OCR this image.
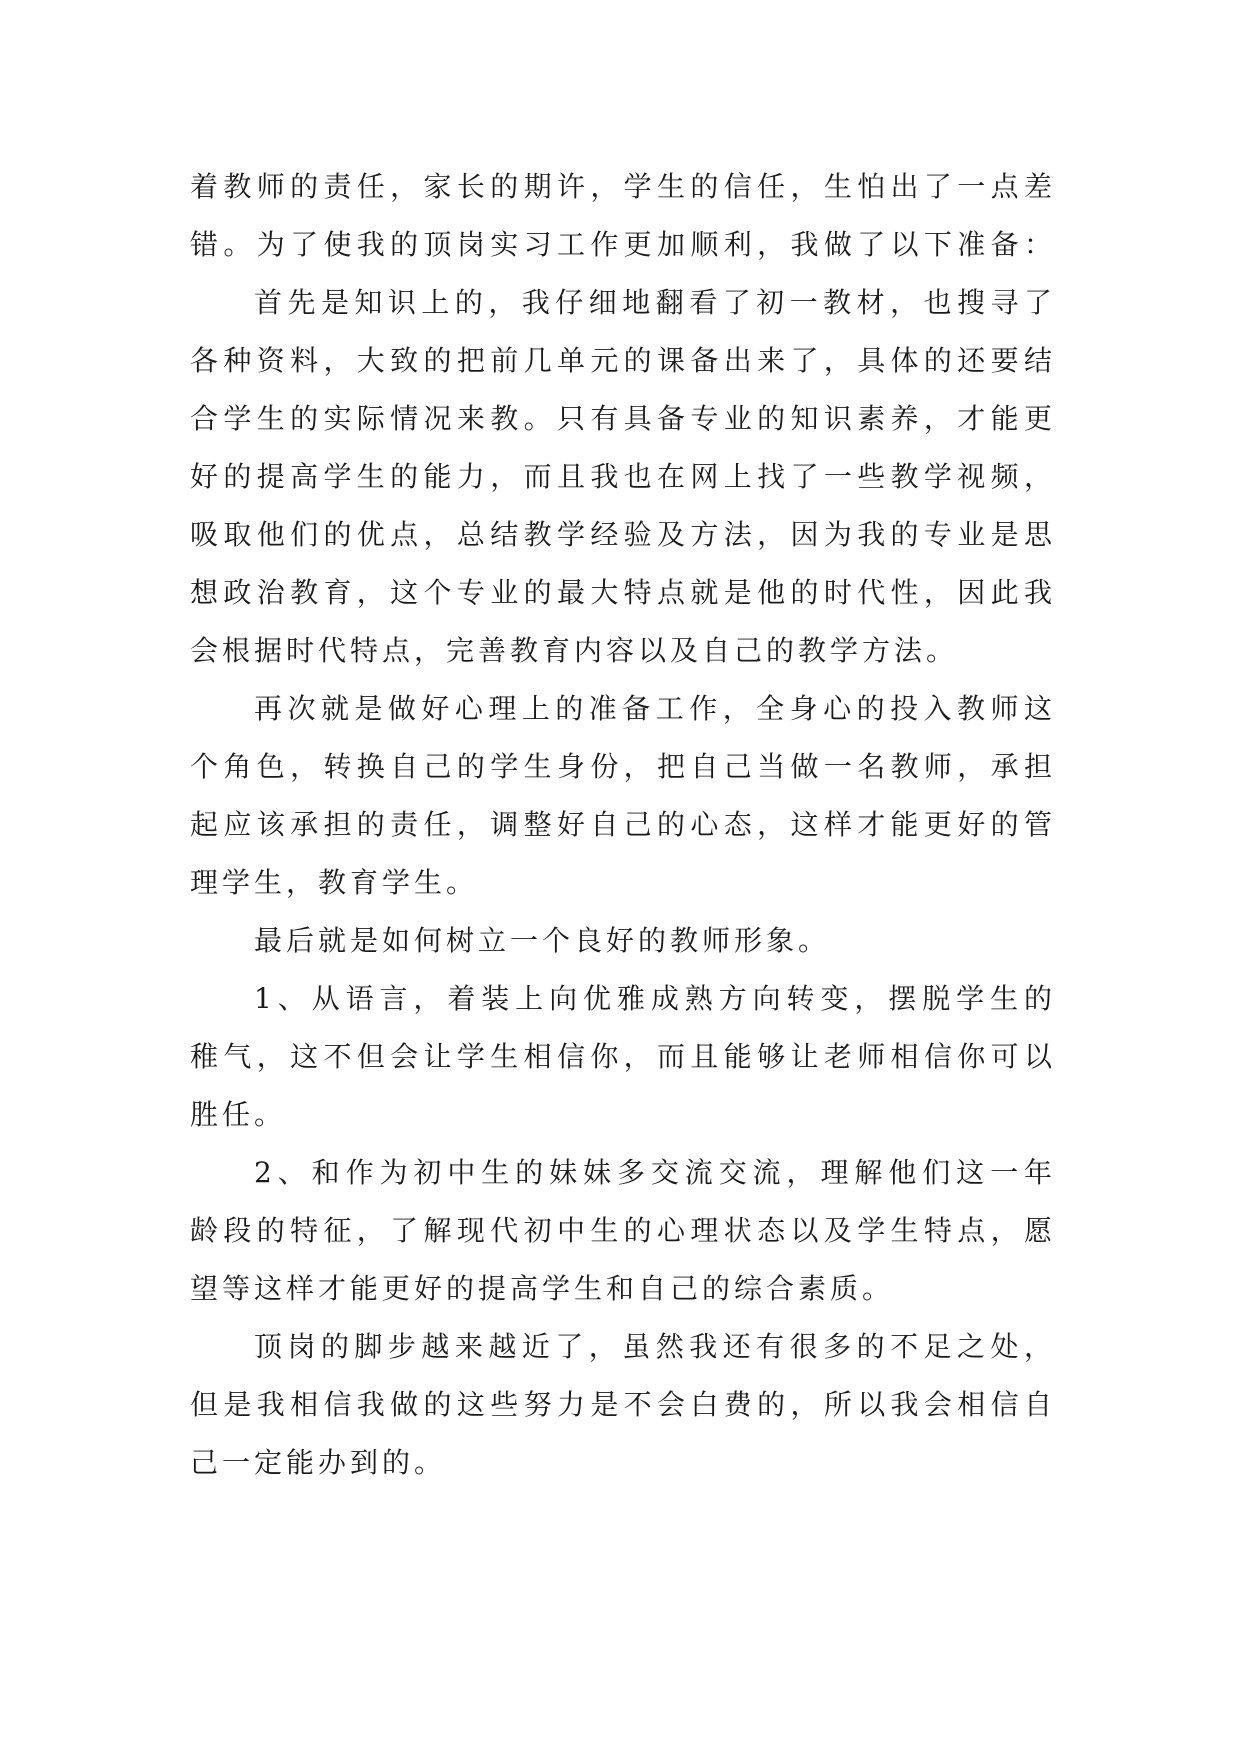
着教师的责任，家长的期许，学生的信任，生怕出了一点差
错。为了使我的顶岗实习工作更加顺利，我做了以下准备：
首先是知识上的，我仔细地翻看了初一教材，也搜寻了
各种资料，大致的把前几单元的课备出来了，具体的还要结
合学生的实际情况来教。只有具备专业的知识素养，才能更
好的提高学生的能力，而且我也在网上找了一些教学视频，
吸取他们的优点，总结教学经验及方法，因为我的专业是思
想政治教育，这个专业的最大特点就是他的时代性，因此我
会根据时代特点，完善教育内容以及自己的教学方法。
再次就是做好心理上的准备工作，全身心的投入教师这
个角色，转换自己的学生身份，把自己当做一名教师，承担
起应该承担的责任，调整好自己的心态，这样才能更好的管
理学生，教育学生。
最后就是如何树立一个良好的教师形象。
1、从语言，着装上向优雅成熟方向转变，摆脱学生的
稚气，这不但会让学生相信你，而且能够让老师相信你可以
胜任。
2、和作为初中生的妹妹多交流交流，理解他们这一年
龄段的特征，了解现代初中生的心理状态以及学生特点，愿
望等这样才能更好的提高学生和自己的综合素质。
顶岗的脚步越来越近了，虽然我还有很多的不足之处，
但是我相信我做的这些努力是不会白费的，所以我会相信自
己一定能办到的。
